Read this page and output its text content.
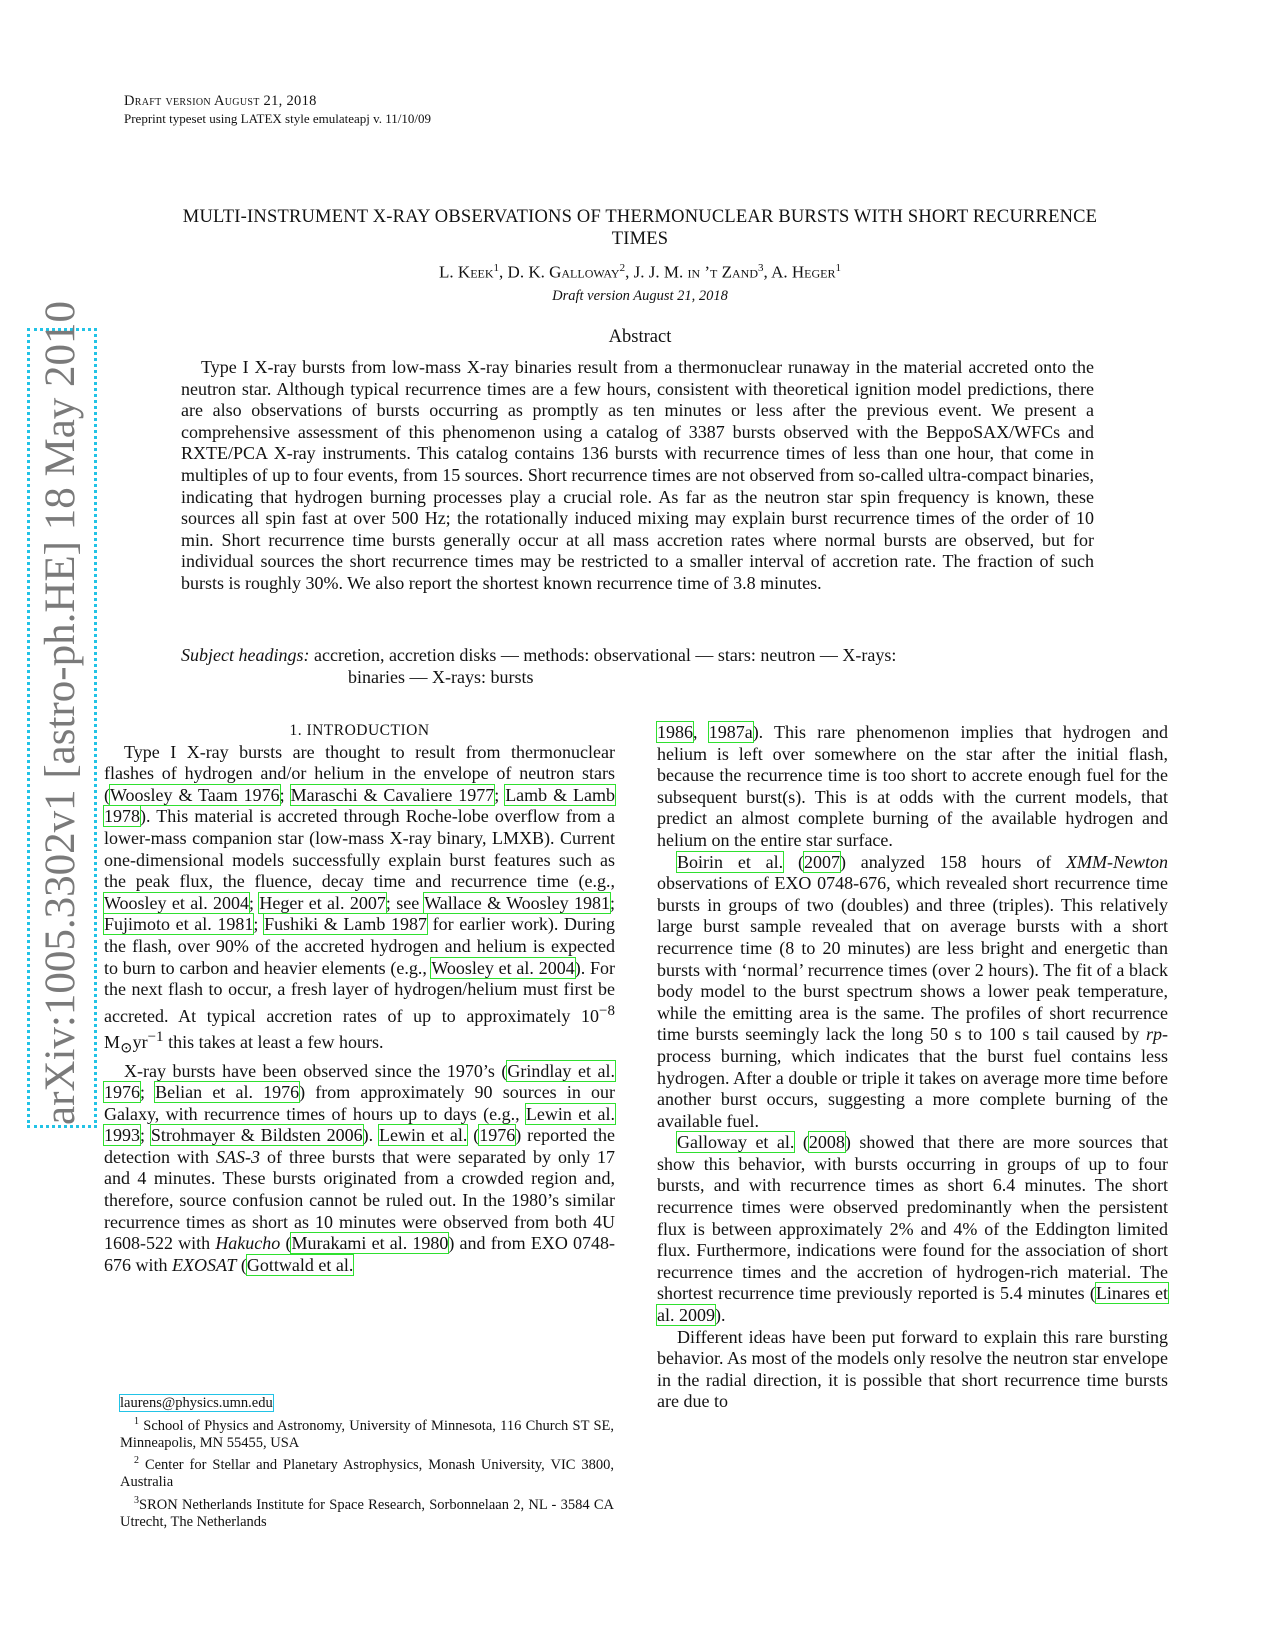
Draft version August 21, 2018
Preprint typeset using LATEX style emulateapj v. 11/10/09
arXiv:1005.3302v1 [astro-ph.HE] 18 May 2010
MULTI-INSTRUMENT X-RAY OBSERVATIONS OF THERMONUCLEAR BURSTS WITH SHORT RECURRENCE TIMES
L. Keek$^1$, D. K. Galloway$^2$, J. J. M. in ’t Zand$^3$, A. Heger$^1$
Draft version August 21, 2018
Abstract
Type I X-ray bursts from low-mass X-ray binaries result from a thermonuclear runaway in the material accreted onto the neutron star. Although typical recurrence times are a few hours, consistent with theoretical ignition model predictions, there are also observations of bursts occurring as promptly as ten minutes or less after the previous event. We present a comprehensive assessment of this phenomenon using a catalog of 3387 bursts observed with the BeppoSAX/WFCs and RXTE/PCA X-ray instruments. This catalog contains 136 bursts with recurrence times of less than one hour, that come in multiples of up to four events, from 15 sources. Short recurrence times are not observed from so-called ultra-compact binaries, indicating that hydrogen burning processes play a crucial role. As far as the neutron star spin frequency is known, these sources all spin fast at over 500 Hz; the rotationally induced mixing may explain burst recurrence times of the order of 10 min. Short recurrence time bursts generally occur at all mass accretion rates where normal bursts are observed, but for individual sources the short recurrence times may be restricted to a smaller interval of accretion rate. The fraction of such bursts is roughly 30%. We also report the shortest known recurrence time of 3.8 minutes.
Subject headings: accretion, accretion disks — methods: observational — stars: neutron — X-rays:
binaries — X-rays: bursts

1. INTRODUCTION

Type I X-ray bursts are thought to result from thermonuclear flashes of hydrogen and/or helium in the envelope of neutron stars (Woosley & Taam 1976; Maraschi & Cavaliere 1977; Lamb & Lamb 1978). This material is accreted through Roche-lobe overflow from a lower-mass companion star (low-mass X-ray binary, LMXB). Current one-dimensional models successfully explain burst features such as the peak flux, the fluence, decay time and recurrence time (e.g., Woosley et al. 2004; Heger et al. 2007; see Wallace & Woosley 1981; Fujimoto et al. 1981; Fushiki & Lamb 1987 for earlier work). During the flash, over 90% of the accreted hydrogen and helium is expected to burn to carbon and heavier elements (e.g., Woosley et al. 2004). For the next flash to occur, a fresh layer of hydrogen/helium must first be accreted. At typical accretion rates of up to approximately $10^{-8}$ $M_⊙yr^{-1}$ this takes at least a few hours.

X-ray bursts have been observed since the 1970’s (Grindlay et al. 1976; Belian et al. 1976) from approximately 90 sources in our Galaxy, with recurrence times of hours up to days (e.g., Lewin et al. 1993; Strohmayer & Bildsten 2006). Lewin et al. (1976) reported the detection with SAS-3 of three bursts that were separated by only 17 and 4 minutes. These bursts originated from a crowded region and, therefore, source confusion cannot be ruled out. In the 1980’s similar recurrence times as short as 10 minutes were observed from both 4U 1608-522 with Hakucho (Murakami et al. 1980) and from EXO 0748-676 with EXOSAT (Gottwald et al.

laurens@physics.umn.edu

$^1$ School of Physics and Astronomy, University of Minnesota, 116 Church ST SE, Minneapolis, MN 55455, USA

$^2$ Center for Stellar and Planetary Astrophysics, Monash University, VIC 3800, Australia

$^3$SRON Netherlands Institute for Space Research, Sorbonnelaan 2, NL - 3584 CA Utrecht, The Netherlands

1986, 1987a). This rare phenomenon implies that hydrogen and helium is left over somewhere on the star after the initial flash, because the recurrence time is too short to accrete enough fuel for the subsequent burst(s). This is at odds with the current models, that predict an almost complete burning of the available hydrogen and helium on the entire star surface.

Boirin et al. (2007) analyzed 158 hours of XMM-Newton observations of EXO 0748-676, which revealed short recurrence time bursts in groups of two (doubles) and three (triples). This relatively large burst sample revealed that on average bursts with a short recurrence time (8 to 20 minutes) are less bright and energetic than bursts with ‘normal’ recurrence times (over 2 hours). The fit of a black body model to the burst spectrum shows a lower peak temperature, while the emitting area is the same. The profiles of short recurrence time bursts seemingly lack the long 50 s to 100 s tail caused by rp-process burning, which indicates that the burst fuel contains less hydrogen. After a double or triple it takes on average more time before another burst occurs, suggesting a more complete burning of the available fuel.

Galloway et al. (2008) showed that there are more sources that show this behavior, with bursts occurring in groups of up to four bursts, and with recurrence times as short 6.4 minutes. The short recurrence times were observed predominantly when the persistent flux is between approximately 2% and 4% of the Eddington limited flux. Furthermore, indications were found for the association of short recurrence times and the accretion of hydrogen-rich material. The shortest recurrence time previously reported is 5.4 minutes (Linares et al. 2009).

Different ideas have been put forward to explain this rare bursting behavior. As most of the models only resolve the neutron star envelope in the radial direction, it is possible that short recurrence time bursts are due to
